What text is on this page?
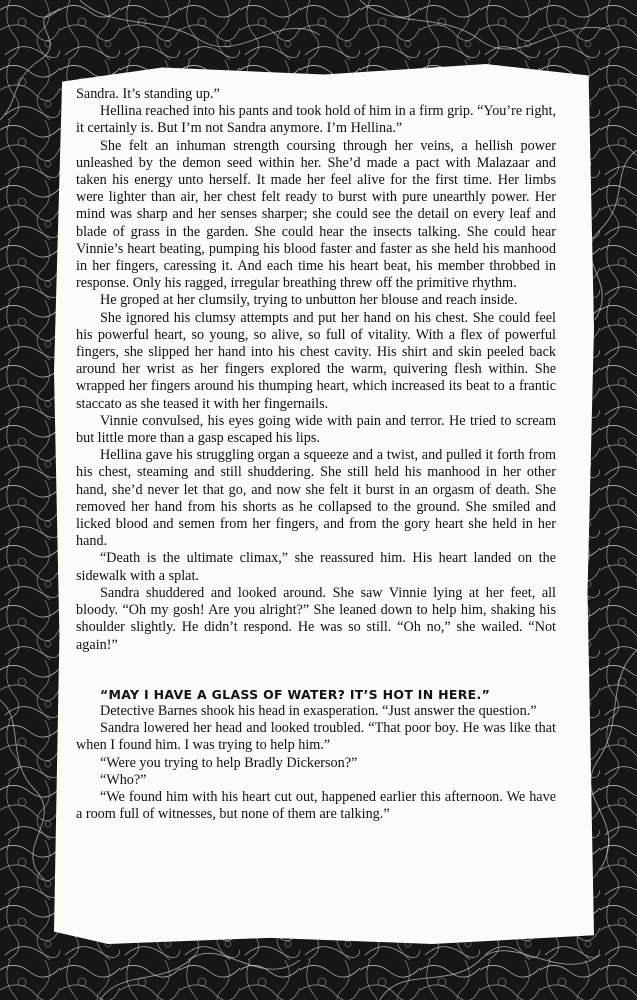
Sandra. It’s standing up.”

Hellina reached into his pants and took hold of him in a firm grip. “You’re right, it certainly is. But I’m not Sandra anymore. I’m Hellina.”

She felt an inhuman strength coursing through her veins, a hellish power unleashed by the demon seed within her. She’d made a pact with Malazaar and taken his energy unto herself. It made her feel alive for the first time. Her limbs were lighter than air, her chest felt ready to burst with pure unearthly power. Her mind was sharp and her senses sharper; she could see the detail on every leaf and blade of grass in the garden. She could hear the insects talking. She could hear Vinnie’s heart beating, pumping his blood faster and faster as she held his manhood in her fingers, caressing it. And each time his heart beat, his member throbbed in response. Only his ragged, irregular breathing threw off the primitive rhythm.

He groped at her clumsily, trying to unbutton her blouse and reach inside.

She ignored his clumsy attempts and put her hand on his chest. She could feel his powerful heart, so young, so alive, so full of vitality. With a flex of powerful fingers, she slipped her hand into his chest cavity. His shirt and skin peeled back around her wrist as her fingers explored the warm, quivering flesh within. She wrapped her fingers around his thumping heart, which increased its beat to a frantic staccato as she teased it with her fingernails.

Vinnie convulsed, his eyes going wide with pain and terror. He tried to scream but little more than a gasp escaped his lips.

Hellina gave his struggling organ a squeeze and a twist, and pulled it forth from his chest, steaming and still shuddering. She still held his manhood in her other hand, she’d never let that go, and now she felt it burst in an orgasm of death. She removed her hand from his shorts as he collapsed to the ground. She smiled and licked blood and semen from her fingers, and from the gory heart she held in her hand.

“Death is the ultimate climax,” she reassured him. His heart landed on the sidewalk with a splat.

Sandra shuddered and looked around. She saw Vinnie lying at her feet, all bloody. “Oh my gosh! Are you alright?” She leaned down to help him, shaking his shoulder slightly. He didn’t respond. He was so still. “Oh no,” she wailed. “Not again!”

“MAY I HAVE A GLASS OF WATER? IT’S HOT IN HERE.”

Detective Barnes shook his head in exasperation. “Just answer the question.”

Sandra lowered her head and looked troubled. “That poor boy. He was like that when I found him. I was trying to help him.”

“Were you trying to help Bradly Dickerson?”

“Who?”

“We found him with his heart cut out, happened earlier this afternoon. We have a room full of witnesses, but none of them are talking.”
